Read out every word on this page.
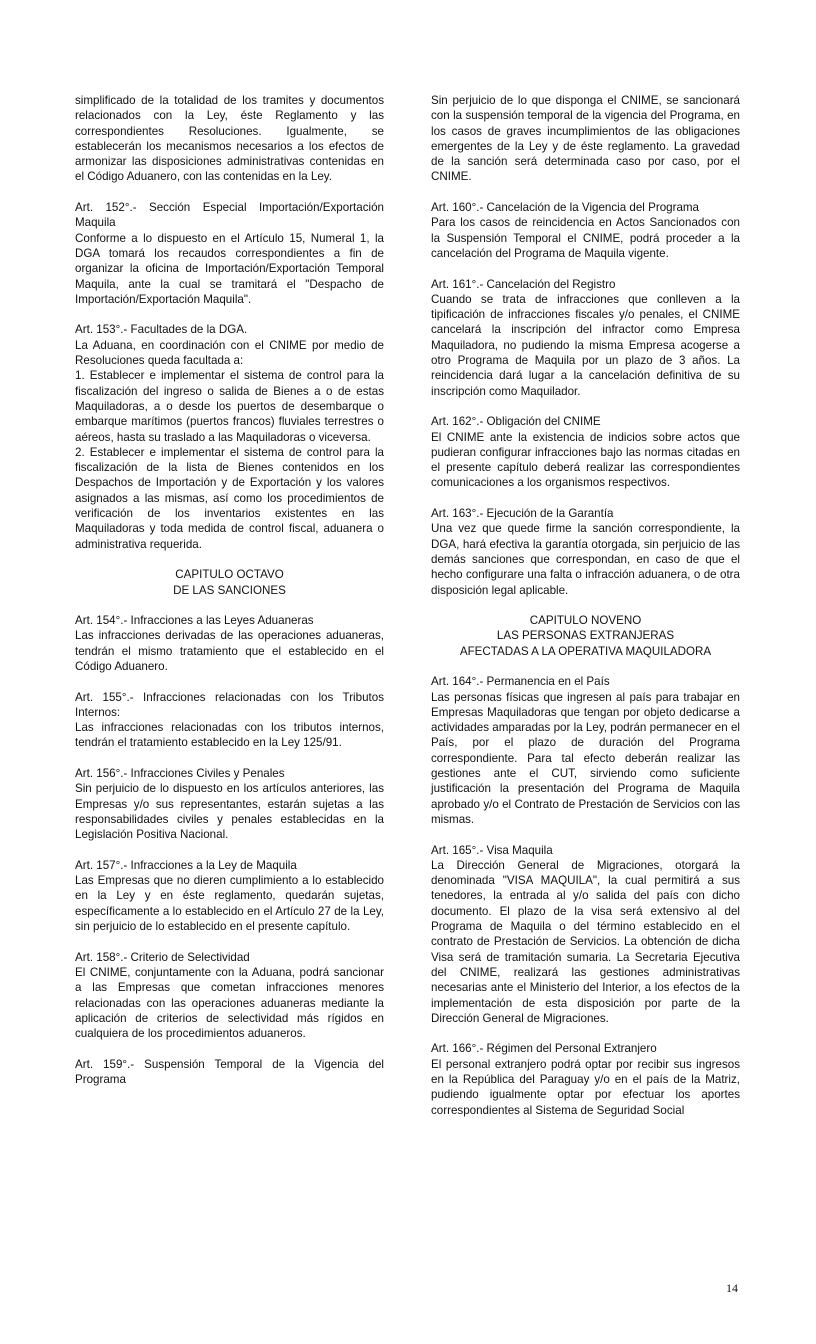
simplificado de la totalidad de los tramites y documentos relacionados con la Ley, éste Reglamento y las correspondientes Resoluciones. Igualmente, se establecerán los mecanismos necesarios a los efectos de armonizar las disposiciones administrativas contenidas en el Código Aduanero, con las contenidas en la Ley.

Art. 152°.- Sección Especial Importación/Exportación Maquila

Conforme a lo dispuesto en el Artículo 15, Numeral 1, la DGA tomará los recaudos correspondientes a fin de organizar la oficina de Importación/Exportación Temporal Maquila, ante la cual se tramitará el "Despacho de Importación/Exportación Maquila".

Art. 153°.- Facultades de la DGA.

La Aduana, en coordinación con el CNIME por medio de Resoluciones queda facultada a:

1. Establecer e implementar el sistema de control para la fiscalización del ingreso o salida de Bienes a o de estas Maquiladoras, a o desde los puertos de desembarque o embarque marítimos (puertos francos) fluviales terrestres o aéreos, hasta su traslado a las Maquiladoras o viceversa.

2. Establecer e implementar el sistema de control para la fiscalización de la lista de Bienes contenidos en los Despachos de Importación y de Exportación y los valores asignados a las mismas, así como los procedimientos de verificación de los inventarios existentes en las Maquiladoras y toda medida de control fiscal, aduanera o administrativa requerida.

CAPITULO OCTAVO
DE LAS SANCIONES

Art. 154°.- Infracciones a las Leyes Aduaneras

Las infracciones derivadas de las operaciones aduaneras, tendrán el mismo tratamiento que el establecido en el Código Aduanero.

Art. 155°.- Infracciones relacionadas con los Tributos Internos:

Las infracciones relacionadas con los tributos internos, tendrán el tratamiento establecido en la Ley 125/91.

Art. 156°.- Infracciones Civiles y Penales

Sin perjuicio de lo dispuesto en los artículos anteriores, las Empresas y/o sus representantes, estarán sujetas a las responsabilidades civiles y penales establecidas en la Legislación Positiva Nacional.

Art. 157°.- Infracciones a la Ley de Maquila

Las Empresas que no dieren cumplimiento a lo establecido en la Ley y en éste reglamento, quedarán sujetas, específicamente a lo establecido en el Artículo 27 de la Ley, sin perjuicio de lo establecido en el presente capítulo.

Art. 158°.- Criterio de Selectividad

El CNIME, conjuntamente con la Aduana, podrá sancionar a las Empresas que cometan infracciones menores relacionadas con las operaciones aduaneras mediante la aplicación de criterios de selectividad más rígidos en cualquiera de los procedimientos aduaneros.

Art. 159°.- Suspensión Temporal de la Vigencia del Programa

Sin perjuicio de lo que disponga el CNIME, se sancionará con la suspensión temporal de la vigencia del Programa, en los casos de graves incumplimientos de las obligaciones emergentes de la Ley y de éste reglamento. La gravedad de la sanción será determinada caso por caso, por el CNIME.

Art. 160°.- Cancelación de la Vigencia del Programa

Para los casos de reincidencia en Actos Sancionados con la Suspensión Temporal el CNIME, podrá proceder a la cancelación del Programa de Maquila vigente.

Art. 161°.- Cancelación del Registro

Cuando se trata de infracciones que conlleven a la tipificación de infracciones fiscales y/o penales, el CNIME cancelará la inscripción del infractor como Empresa Maquiladora, no pudiendo la misma Empresa acogerse a otro Programa de Maquila por un plazo de 3 años. La reincidencia dará lugar a la cancelación definitiva de su inscripción como Maquilador.

Art. 162°.- Obligación del CNIME

El CNIME ante la existencia de indicios sobre actos que pudieran configurar infracciones bajo las normas citadas en el presente capítulo deberá realizar las correspondientes comunicaciones a los organismos respectivos.

Art. 163°.- Ejecución de la Garantía

Una vez que quede firme la sanción correspondiente, la DGA, hará efectiva la garantía otorgada, sin perjuicio de las demás sanciones que correspondan, en caso de que el hecho configurare una falta o infracción aduanera, o de otra disposición legal aplicable.

CAPITULO NOVENO
LAS PERSONAS EXTRANJERAS
AFECTADAS A LA OPERATIVA MAQUILADORA

Art. 164°.- Permanencia en el País

Las personas físicas que ingresen al país para trabajar en Empresas Maquiladoras que tengan por objeto dedicarse a actividades amparadas por la Ley, podrán permanecer en el País, por el plazo de duración del Programa correspondiente. Para tal efecto deberán realizar las gestiones ante el CUT, sirviendo como suficiente justificación la presentación del Programa de Maquila aprobado y/o el Contrato de Prestación de Servicios con las mismas.

Art. 165°.- Visa Maquila

La Dirección General de Migraciones, otorgará la denominada "VISA MAQUILA", la cual permitirá a sus tenedores, la entrada al y/o salida del país con dicho documento. El plazo de la visa será extensivo al del Programa de Maquila o del término establecido en el contrato de Prestación de Servicios. La obtención de dicha Visa será de tramitación sumaria. La Secretaria Ejecutiva del CNIME, realizará las gestiones administrativas necesarias ante el Ministerio del Interior, a los efectos de la implementación de esta disposición por parte de la Dirección General de Migraciones.

Art. 166°.- Régimen del Personal Extranjero

El personal extranjero podrá optar por recibir sus ingresos en la República del Paraguay y/o en el país de la Matriz, pudiendo igualmente optar por efectuar los aportes correspondientes al Sistema de Seguridad Social

14
